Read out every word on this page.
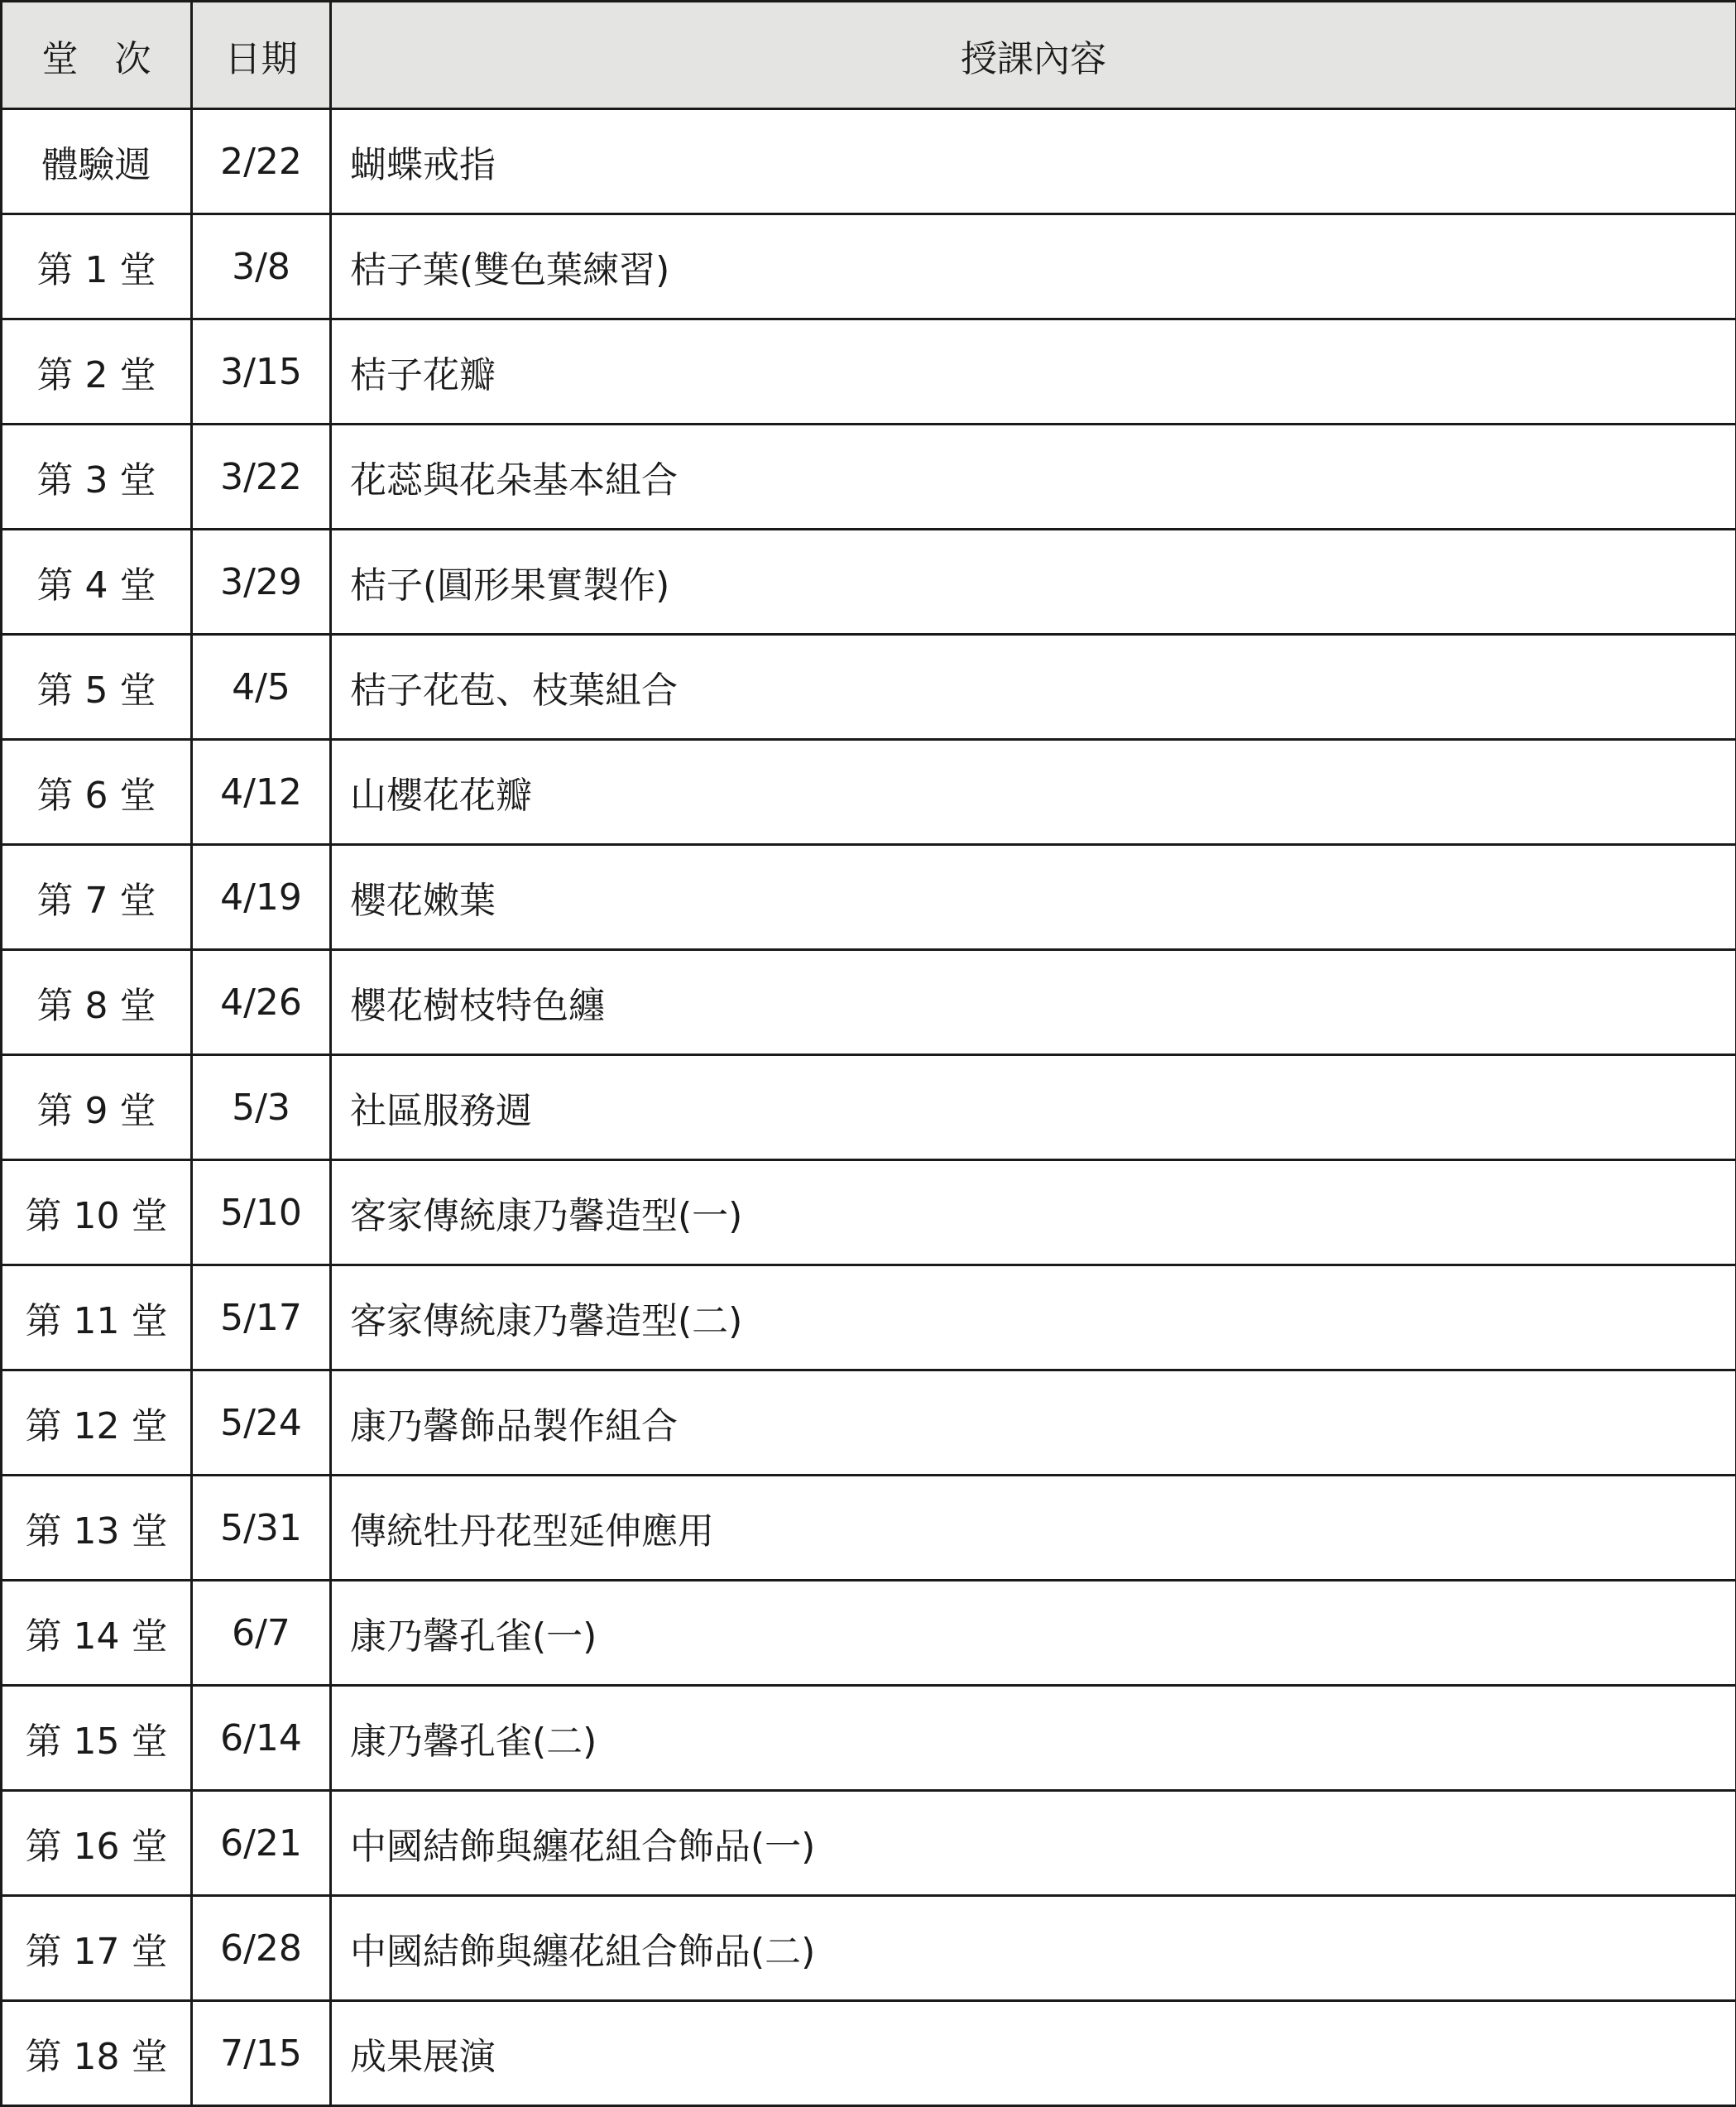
堂　次	日期	授課內容
體驗週	2/22	蝴蝶戒指
第 1 堂	3/8	桔子葉(雙色葉練習)
第 2 堂	3/15	桔子花瓣
第 3 堂	3/22	花蕊與花朵基本組合
第 4 堂	3/29	桔子(圓形果實製作)
第 5 堂	4/5	桔子花苞、枝葉組合
第 6 堂	4/12	山櫻花花瓣
第 7 堂	4/19	櫻花嫩葉
第 8 堂	4/26	櫻花樹枝特色纏
第 9 堂	5/3	社區服務週
第 10 堂	5/10	客家傳統康乃馨造型(一)
第 11 堂	5/17	客家傳統康乃馨造型(二)
第 12 堂	5/24	康乃馨飾品製作組合
第 13 堂	5/31	傳統牡丹花型延伸應用
第 14 堂	6/7	康乃馨孔雀(一)
第 15 堂	6/14	康乃馨孔雀(二)
第 16 堂	6/21	中國結飾與纏花組合飾品(一)
第 17 堂	6/28	中國結飾與纏花組合飾品(二)
第 18 堂	7/15	成果展演
